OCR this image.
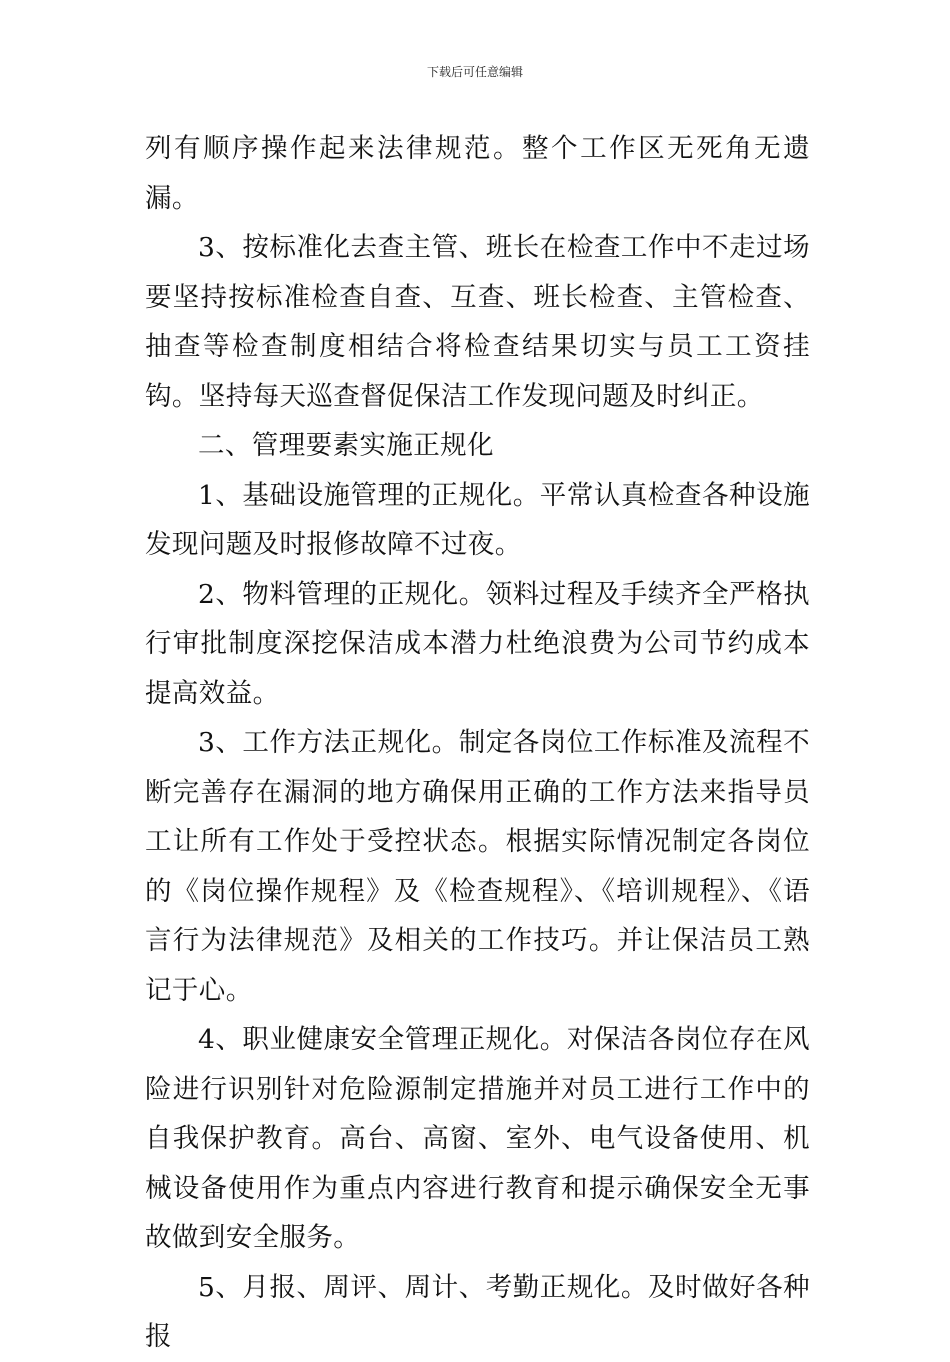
下载后可任意编辑

列有顺序操作起来法律规范。整个工作区无死角无遗漏。

3、按标准化去查主管、班长在检查工作中不走过场要坚持按标准检查自查、互查、班长检查、主管检查、抽查等检查制度相结合将检查结果切实与员工工资挂钩。坚持每天巡查督促保洁工作发现问题及时纠正。

二、管理要素实施正规化

1、基础设施管理的正规化。平常认真检查各种设施发现问题及时报修故障不过夜。

2、物料管理的正规化。领料过程及手续齐全严格执行审批制度深挖保洁成本潜力杜绝浪费为公司节约成本提高效益。

3、工作方法正规化。制定各岗位工作标准及流程不断完善存在漏洞的地方确保用正确的工作方法来指导员工让所有工作处于受控状态。根据实际情况制定各岗位的《岗位操作规程》及《检查规程》、《培训规程》、《语言行为法律规范》及相关的工作技巧。并让保洁员工熟记于心。

4、职业健康安全管理正规化。对保洁各岗位存在风险进行识别针对危险源制定措施并对员工进行工作中的自我保护教育。高台、高窗、室外、电气设备使用、机械设备使用作为重点内容进行教育和提示确保安全无事故做到安全服务。

5、月报、周评、周计、考勤正规化。及时做好各种报
